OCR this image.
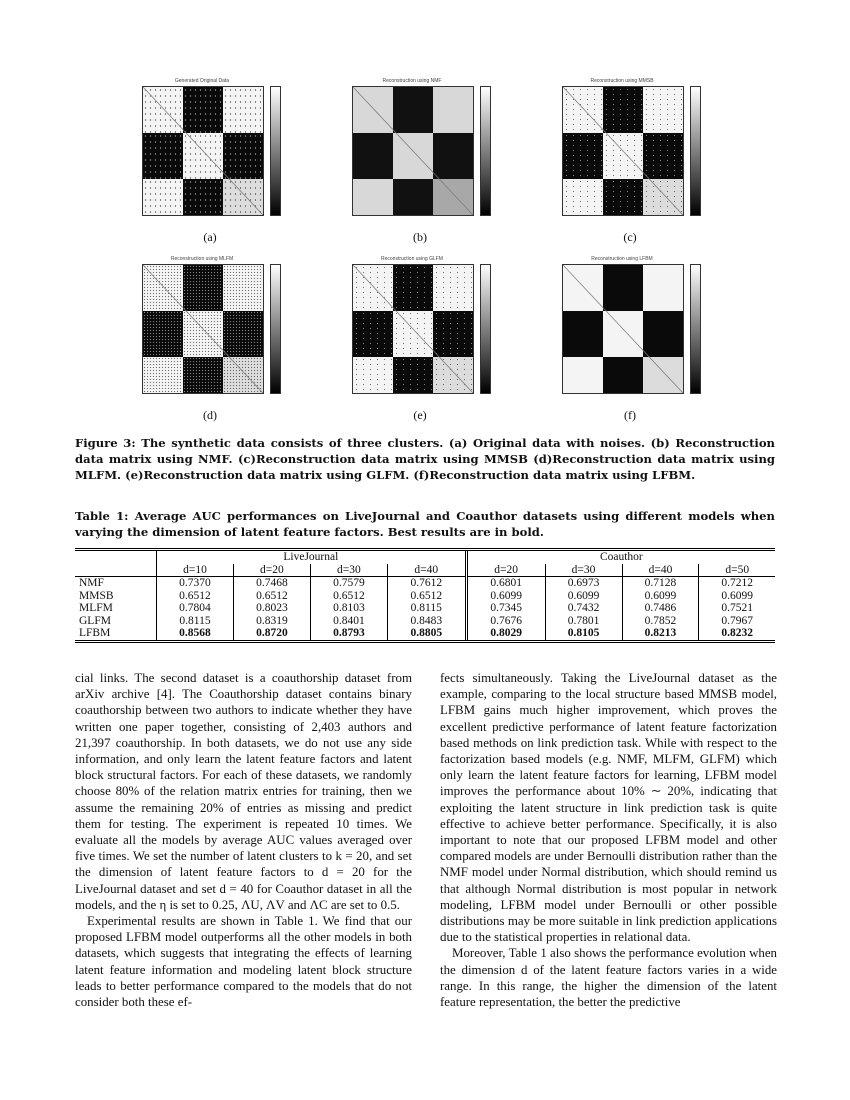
Generated Original Data
(a)
Reconstruction using NMF
(b)
Reconstruction using MMSB
(c)
Reconstruction using MLFM
(d)
Reconstruction using GLFM
(e)
Reconstruction using LFBM
(f)
Figure 3: The synthetic data consists of three clusters. (a) Original data with noises. (b) Reconstruction data matrix using NMF. (c)Reconstruction data matrix using MMSB (d)Reconstruction data matrix using MLFM. (e)Reconstruction data matrix using GLFM. (f)Reconstruction data matrix using LFBM.
Table 1: Average AUC performances on LiveJournal and Coauthor datasets using different models when varying the dimension of latent feature factors. Best results are in bold.
	LiveJournal				Coauthor			
	d=10	d=20	d=30	d=40	d=20	d=30	d=40	d=50
NMF	0.7370	0.7468	0.7579	0.7612	0.6801	0.6973	0.7128	0.7212
MMSB	0.6512	0.6512	0.6512	0.6512	0.6099	0.6099	0.6099	0.6099
MLFM	0.7804	0.8023	0.8103	0.8115	0.7345	0.7432	0.7486	0.7521
GLFM	0.8115	0.8319	0.8401	0.8483	0.7676	0.7801	0.7852	0.7967
LFBM	0.8568	0.8720	0.8793	0.8805	0.8029	0.8105	0.8213	0.8232

cial links. The second dataset is a coauthorship dataset from arXiv archive [4]. The Coauthorship dataset contains binary coauthorship between two authors to indicate whether they have written one paper together, consisting of 2,403 authors and 21,397 coauthorship. In both datasets, we do not use any side information, and only learn the latent feature factors and latent block structural factors. For each of these datasets, we randomly choose 80% of the relation matrix entries for training, then we assume the remaining 20% of entries as missing and predict them for testing. The experiment is repeated 10 times. We evaluate all the models by average AUC values averaged over five times. We set the number of latent clusters to k = 20, and set the dimension of latent feature factors to d = 20 for the LiveJournal dataset and set d = 40 for Coauthor dataset in all the models, and the η is set to 0.25, ΛU, ΛV and ΛC are set to 0.5.

Experimental results are shown in Table 1. We find that our proposed LFBM model outperforms all the other models in both datasets, which suggests that integrating the effects of learning latent feature information and modeling latent block structure leads to better performance compared to the models that do not consider both these ef-

fects simultaneously. Taking the LiveJournal dataset as the example, comparing to the local structure based MMSB model, LFBM gains much higher improvement, which proves the excellent predictive performance of latent feature factorization based methods on link prediction task. While with respect to the factorization based models (e.g. NMF, MLFM, GLFM) which only learn the latent feature factors for learning, LFBM model improves the performance about 10% ∼ 20%, indicating that exploiting the latent structure in link prediction task is quite effective to achieve better performance. Specifically, it is also important to note that our proposed LFBM model and other compared models are under Bernoulli distribution rather than the NMF model under Normal distribution, which should remind us that although Normal distribution is most popular in network modeling, LFBM model under Bernoulli or other possible distributions may be more suitable in link prediction applications due to the statistical properties in relational data.

Moreover, Table 1 also shows the performance evolution when the dimension d of the latent feature factors varies in a wide range. In this range, the higher the dimension of the latent feature representation, the better the predictive
